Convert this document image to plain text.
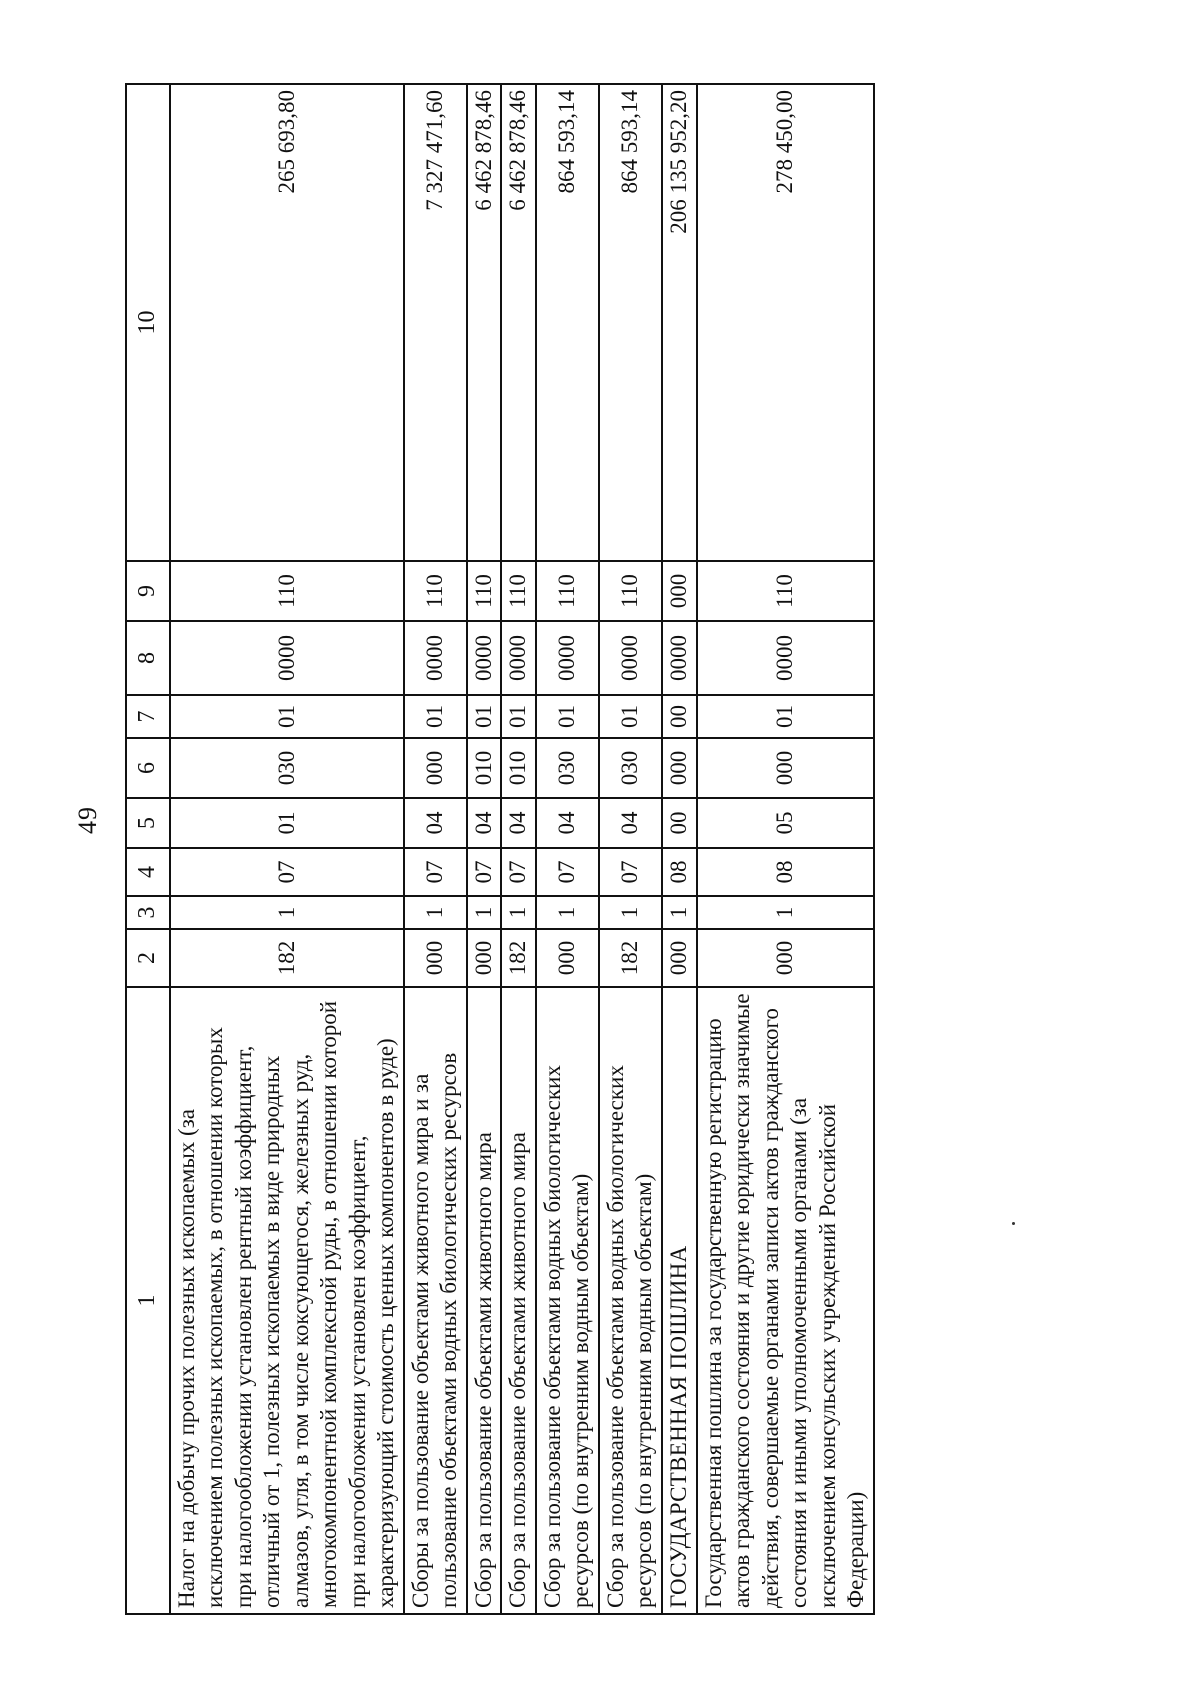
49
1	2	3	4	5	6	7	8	9	10
Налог на добычу прочих полезных ископаемых (за исключением полезных ископаемых, в отношении которых при налогообложении установлен рентный коэффициент, отличный от 1, полезных ископаемых в виде природных алмазов, угля, в том числе коксующегося, железных руд, многокомпонентной комплексной руды, в отношении которой при налогообложении установлен коэффициент, характеризующий стоимость ценных компонентов в руде)	182	1	07	01	030	01	0000	110	265 693,80
Сборы за пользование объектами животного мира и за пользование объектами водных биологических ресурсов	000	1	07	04	000	01	0000	110	7 327 471,60
Сбор за пользование объектами животного мира	000	1	07	04	010	01	0000	110	6 462 878,46
Сбор за пользование объектами животного мира	182	1	07	04	010	01	0000	110	6 462 878,46
Сбор за пользование объектами водных биологических ресурсов (по внутренним водным объектам)	000	1	07	04	030	01	0000	110	864 593,14
Сбор за пользование объектами водных биологических ресурсов (по внутренним водным объектам)	182	1	07	04	030	01	0000	110	864 593,14
ГОСУДАРСТВЕННАЯ ПОШЛИНА	000	1	08	00	000	00	0000	000	206 135 952,20
Государственная пошлина за государственную регистрацию актов гражданского состояния и другие юридически значимые действия, совершаемые органами записи актов гражданского состояния и иными уполномоченными органами (за исключением консульских учреждений Российской Федерации)	000	1	08	05	000	01	0000	110	278 450,00
